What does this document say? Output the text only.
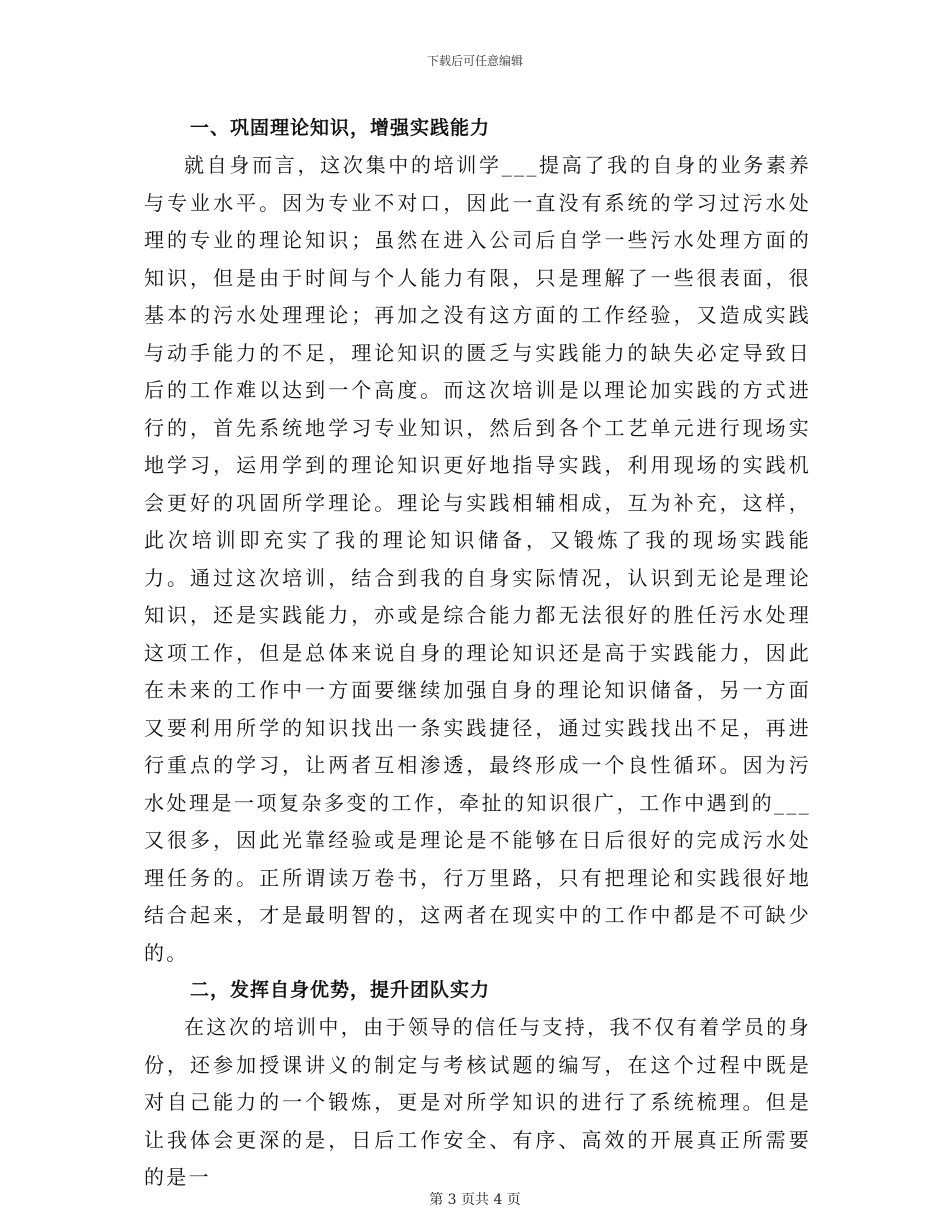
下载后可任意编辑
一、巩固理论知识，增强实践能力

就自身而言，这次集中的培训学___提高了我的自身的业务素养与专业水平。因为专业不对口，因此一直没有系统的学习过污水处理的专业的理论知识；虽然在进入公司后自学一些污水处理方面的知识，但是由于时间与个人能力有限，只是理解了一些很表面，很基本的污水处理理论；再加之没有这方面的工作经验，又造成实践与动手能力的不足，理论知识的匮乏与实践能力的缺失必定导致日后的工作难以达到一个高度。而这次培训是以理论加实践的方式进行的，首先系统地学习专业知识，然后到各个工艺单元进行现场实地学习，运用学到的理论知识更好地指导实践，利用现场的实践机会更好的巩固所学理论。理论与实践相辅相成，互为补充，这样，此次培训即充实了我的理论知识储备，又锻炼了我的现场实践能力。通过这次培训，结合到我的自身实际情况，认识到无论是理论知识，还是实践能力，亦或是综合能力都无法很好的胜任污水处理这项工作，但是总体来说自身的理论知识还是高于实践能力，因此在未来的工作中一方面要继续加强自身的理论知识储备，另一方面又要利用所学的知识找出一条实践捷径，通过实践找出不足，再进行重点的学习，让两者互相渗透，最终形成一个良性循环。因为污水处理是一项复杂多变的工作，牵扯的知识很广，工作中遇到的___又很多，因此光靠经验或是理论是不能够在日后很好的完成污水处理任务的。正所谓读万卷书，行万里路，只有把理论和实践很好地结合起来，才是最明智的，这两者在现实中的工作中都是不可缺少的。

二，发挥自身优势，提升团队实力

在这次的培训中，由于领导的信任与支持，我不仅有着学员的身份，还参加授课讲义的制定与考核试题的编写，在这个过程中既是对自己能力的一个锻炼，更是对所学知识的进行了系统梳理。但是让我体会更深的是，日后工作安全、有序、高效的开展真正所需要的是一

第 3 页共 4 页
